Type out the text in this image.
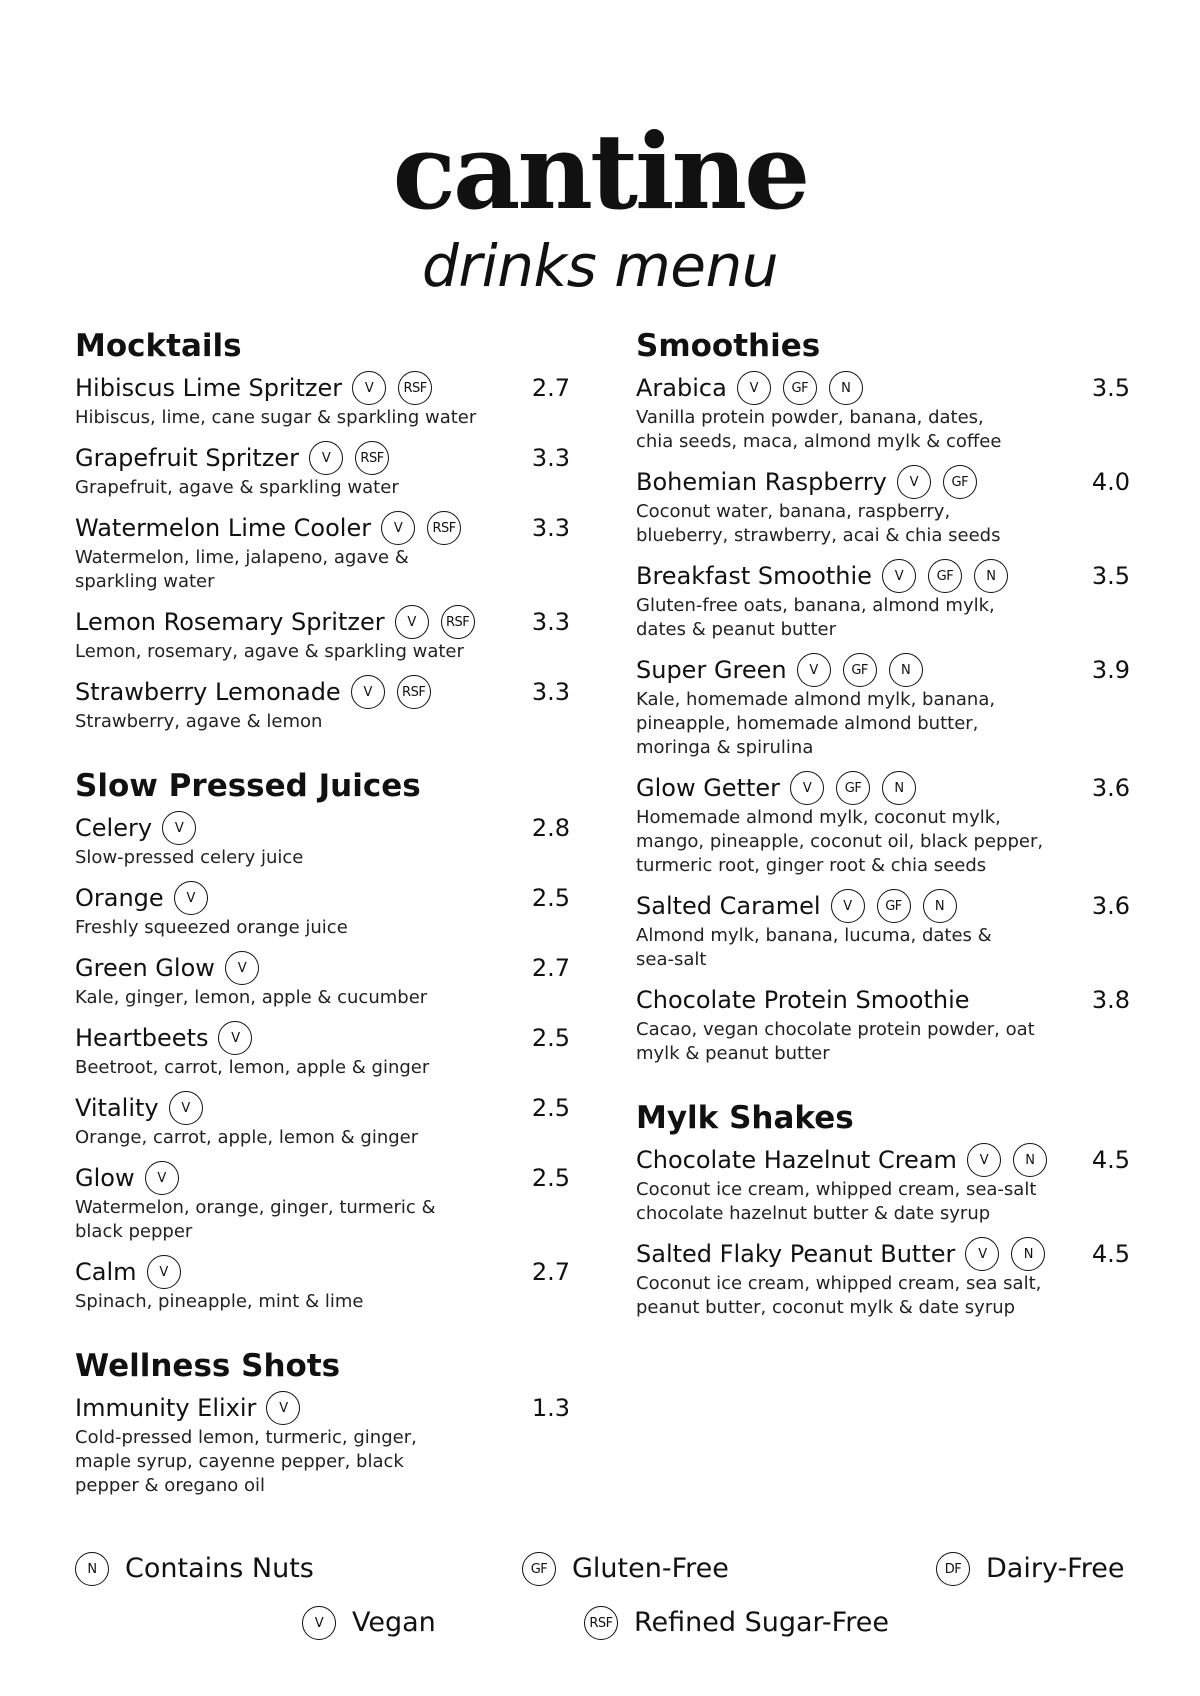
cantine
drinks menu
Mocktails
Hibiscus Lime Spritzer	V	RSF	2.7
Hibiscus, lime, cane sugar & sparkling water
Grapefruit Spritzer	V	RSF	3.3
Grapefruit, agave & sparkling water
Watermelon Lime Cooler	V	RSF	3.3
Watermelon, lime, jalapeno, agave &
sparkling water
Lemon Rosemary Spritzer	V	RSF	3.3
Lemon, rosemary, agave & sparkling water
Strawberry Lemonade	V	RSF	3.3
Strawberry, agave & lemon
Slow Pressed Juices
Celery	V	2.8
Slow-pressed celery juice
Orange	V	2.5
Freshly squeezed orange juice
Green Glow	V	2.7
Kale, ginger, lemon, apple & cucumber
Heartbeets	V	2.5
Beetroot, carrot, lemon, apple & ginger
Vitality	V	2.5
Orange, carrot, apple, lemon & ginger
Glow	V	2.5
Watermelon, orange, ginger, turmeric &
black pepper
Calm	V	2.7
Spinach, pineapple, mint & lime
Wellness Shots
Immunity Elixir	V	1.3
Cold-pressed lemon, turmeric, ginger,
maple syrup, cayenne pepper, black
pepper & oregano oil
Smoothies
Arabica	V	GF	N	3.5
Vanilla protein powder, banana, dates,
chia seeds, maca, almond mylk & coffee
Bohemian Raspberry	V	GF	4.0
Coconut water, banana, raspberry,
blueberry, strawberry, acai & chia seeds
Breakfast Smoothie	V	GF	N	3.5
Gluten-free oats, banana, almond mylk,
dates & peanut butter
Super Green	V	GF	N	3.9
Kale, homemade almond mylk, banana,
pineapple, homemade almond butter,
moringa & spirulina
Glow Getter	V	GF	N	3.6
Homemade almond mylk, coconut mylk,
mango, pineapple, coconut oil, black pepper,
turmeric root, ginger root & chia seeds
Salted Caramel	V	GF	N	3.6
Almond mylk, banana, lucuma, dates &
sea-salt
Chocolate Protein Smoothie	3.8
Cacao, vegan chocolate protein powder, oat
mylk & peanut butter
Mylk Shakes
Chocolate Hazelnut Cream	V	N	4.5
Coconut ice cream, whipped cream, sea-salt
chocolate hazelnut butter & date syrup
Salted Flaky Peanut Butter	V	N	4.5
Coconut ice cream, whipped cream, sea salt,
peanut butter, coconut mylk & date syrup
N	Contains Nuts	GF Gluten-Free	DF Dairy-Free
V	Vegan	RSF Refined Sugar-Free
